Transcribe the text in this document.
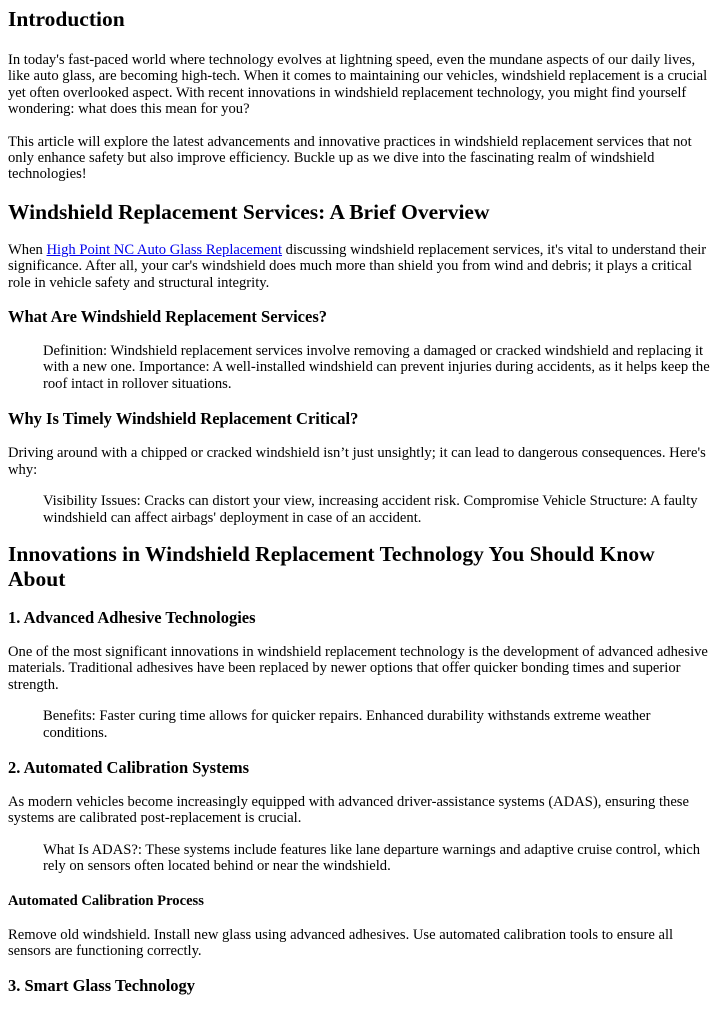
Introduction

In today's fast-paced world where technology evolves at lightning speed, even the mundane aspects of our daily lives, like auto glass, are becoming high-tech. When it comes to maintaining our vehicles, windshield replacement is a crucial yet often overlooked aspect. With recent innovations in windshield replacement technology, you might find yourself wondering: what does this mean for you?

This article will explore the latest advancements and innovative practices in windshield replacement services that not only enhance safety but also improve efficiency. Buckle up as we dive into the fascinating realm of windshield technologies!

Windshield Replacement Services: A Brief Overview

When High Point NC Auto Glass Replacement discussing windshield replacement services, it's vital to understand their significance. After all, your car's windshield does much more than shield you from wind and debris; it plays a critical role in vehicle safety and structural integrity.

What Are Windshield Replacement Services?
Definition: Windshield replacement services involve removing a damaged or cracked windshield and replacing it with a new one. Importance: A well-installed windshield can prevent injuries during accidents, as it helps keep the roof intact in rollover situations.
Why Is Timely Windshield Replacement Critical?

Driving around with a chipped or cracked windshield isn’t just unsightly; it can lead to dangerous consequences. Here's why:

Visibility Issues: Cracks can distort your view, increasing accident risk. Compromise Vehicle Structure: A faulty windshield can affect airbags' deployment in case of an accident.
Innovations in Windshield Replacement Technology You Should Know About
1. Advanced Adhesive Technologies

One of the most significant innovations in windshield replacement technology is the development of advanced adhesive materials. Traditional adhesives have been replaced by newer options that offer quicker bonding times and superior strength.

Benefits: Faster curing time allows for quicker repairs. Enhanced durability withstands extreme weather conditions.
2. Automated Calibration Systems

As modern vehicles become increasingly equipped with advanced driver-assistance systems (ADAS), ensuring these systems are calibrated post-replacement is crucial.

What Is ADAS?: These systems include features like lane departure warnings and adaptive cruise control, which rely on sensors often located behind or near the windshield.
Automated Calibration Process

Remove old windshield. Install new glass using advanced adhesives. Use automated calibration tools to ensure all sensors are functioning correctly.

3. Smart Glass Technology
